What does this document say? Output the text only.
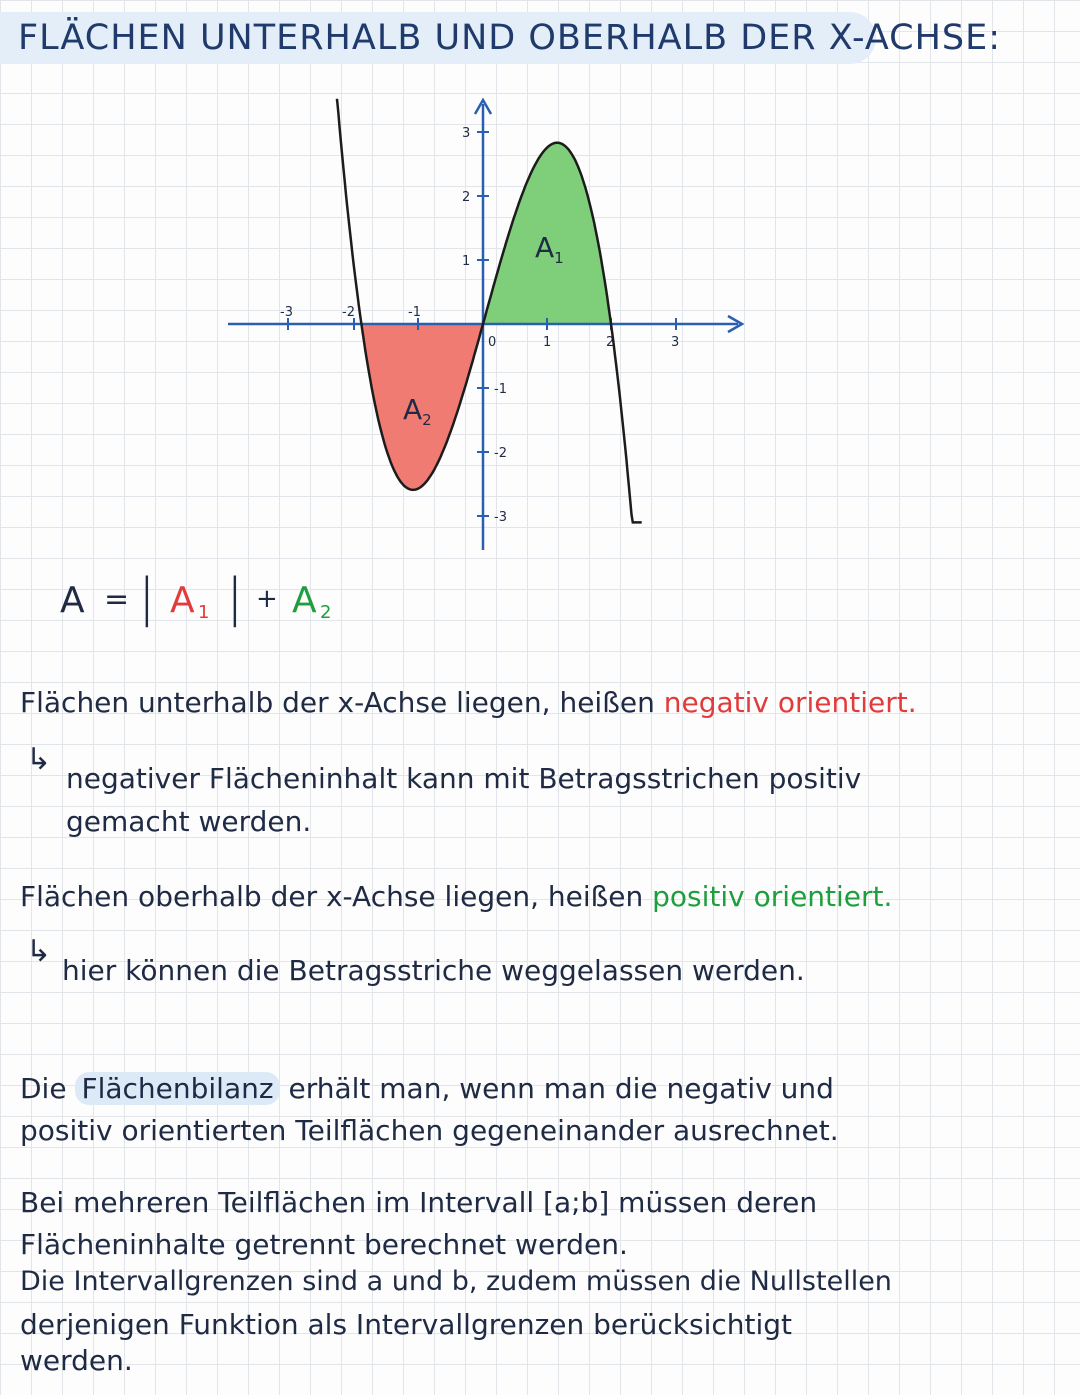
FLÄCHEN UNTERHALB UND OBERHALB DER X-ACHSE:
-3	-2	-1
1	2	3
0
1
2
3
-1
-2
-3
$A_1$
$A_2$
A = | A 1 | + A 2
Flächen unterhalb der x-Achse liegen, heißen negativ orientiert.
↳
negativer Flächeninhalt kann mit Betragsstrichen positiv
gemacht werden.
Flächen oberhalb der x-Achse liegen, heißen positiv orientiert.
↳
hier können die Betragsstriche weggelassen werden.
Die Flächenbilanz erhält man, wenn man die negativ und
positiv orientierten Teilflächen gegeneinander ausrechnet.
Bei mehreren Teilflächen im Intervall [a;b] müssen deren
Flächeninhalte getrennt berechnet werden.
Die Intervallgrenzen sind a und b, zudem müssen die Nullstellen
derjenigen Funktion als Intervallgrenzen berücksichtigt
werden.
